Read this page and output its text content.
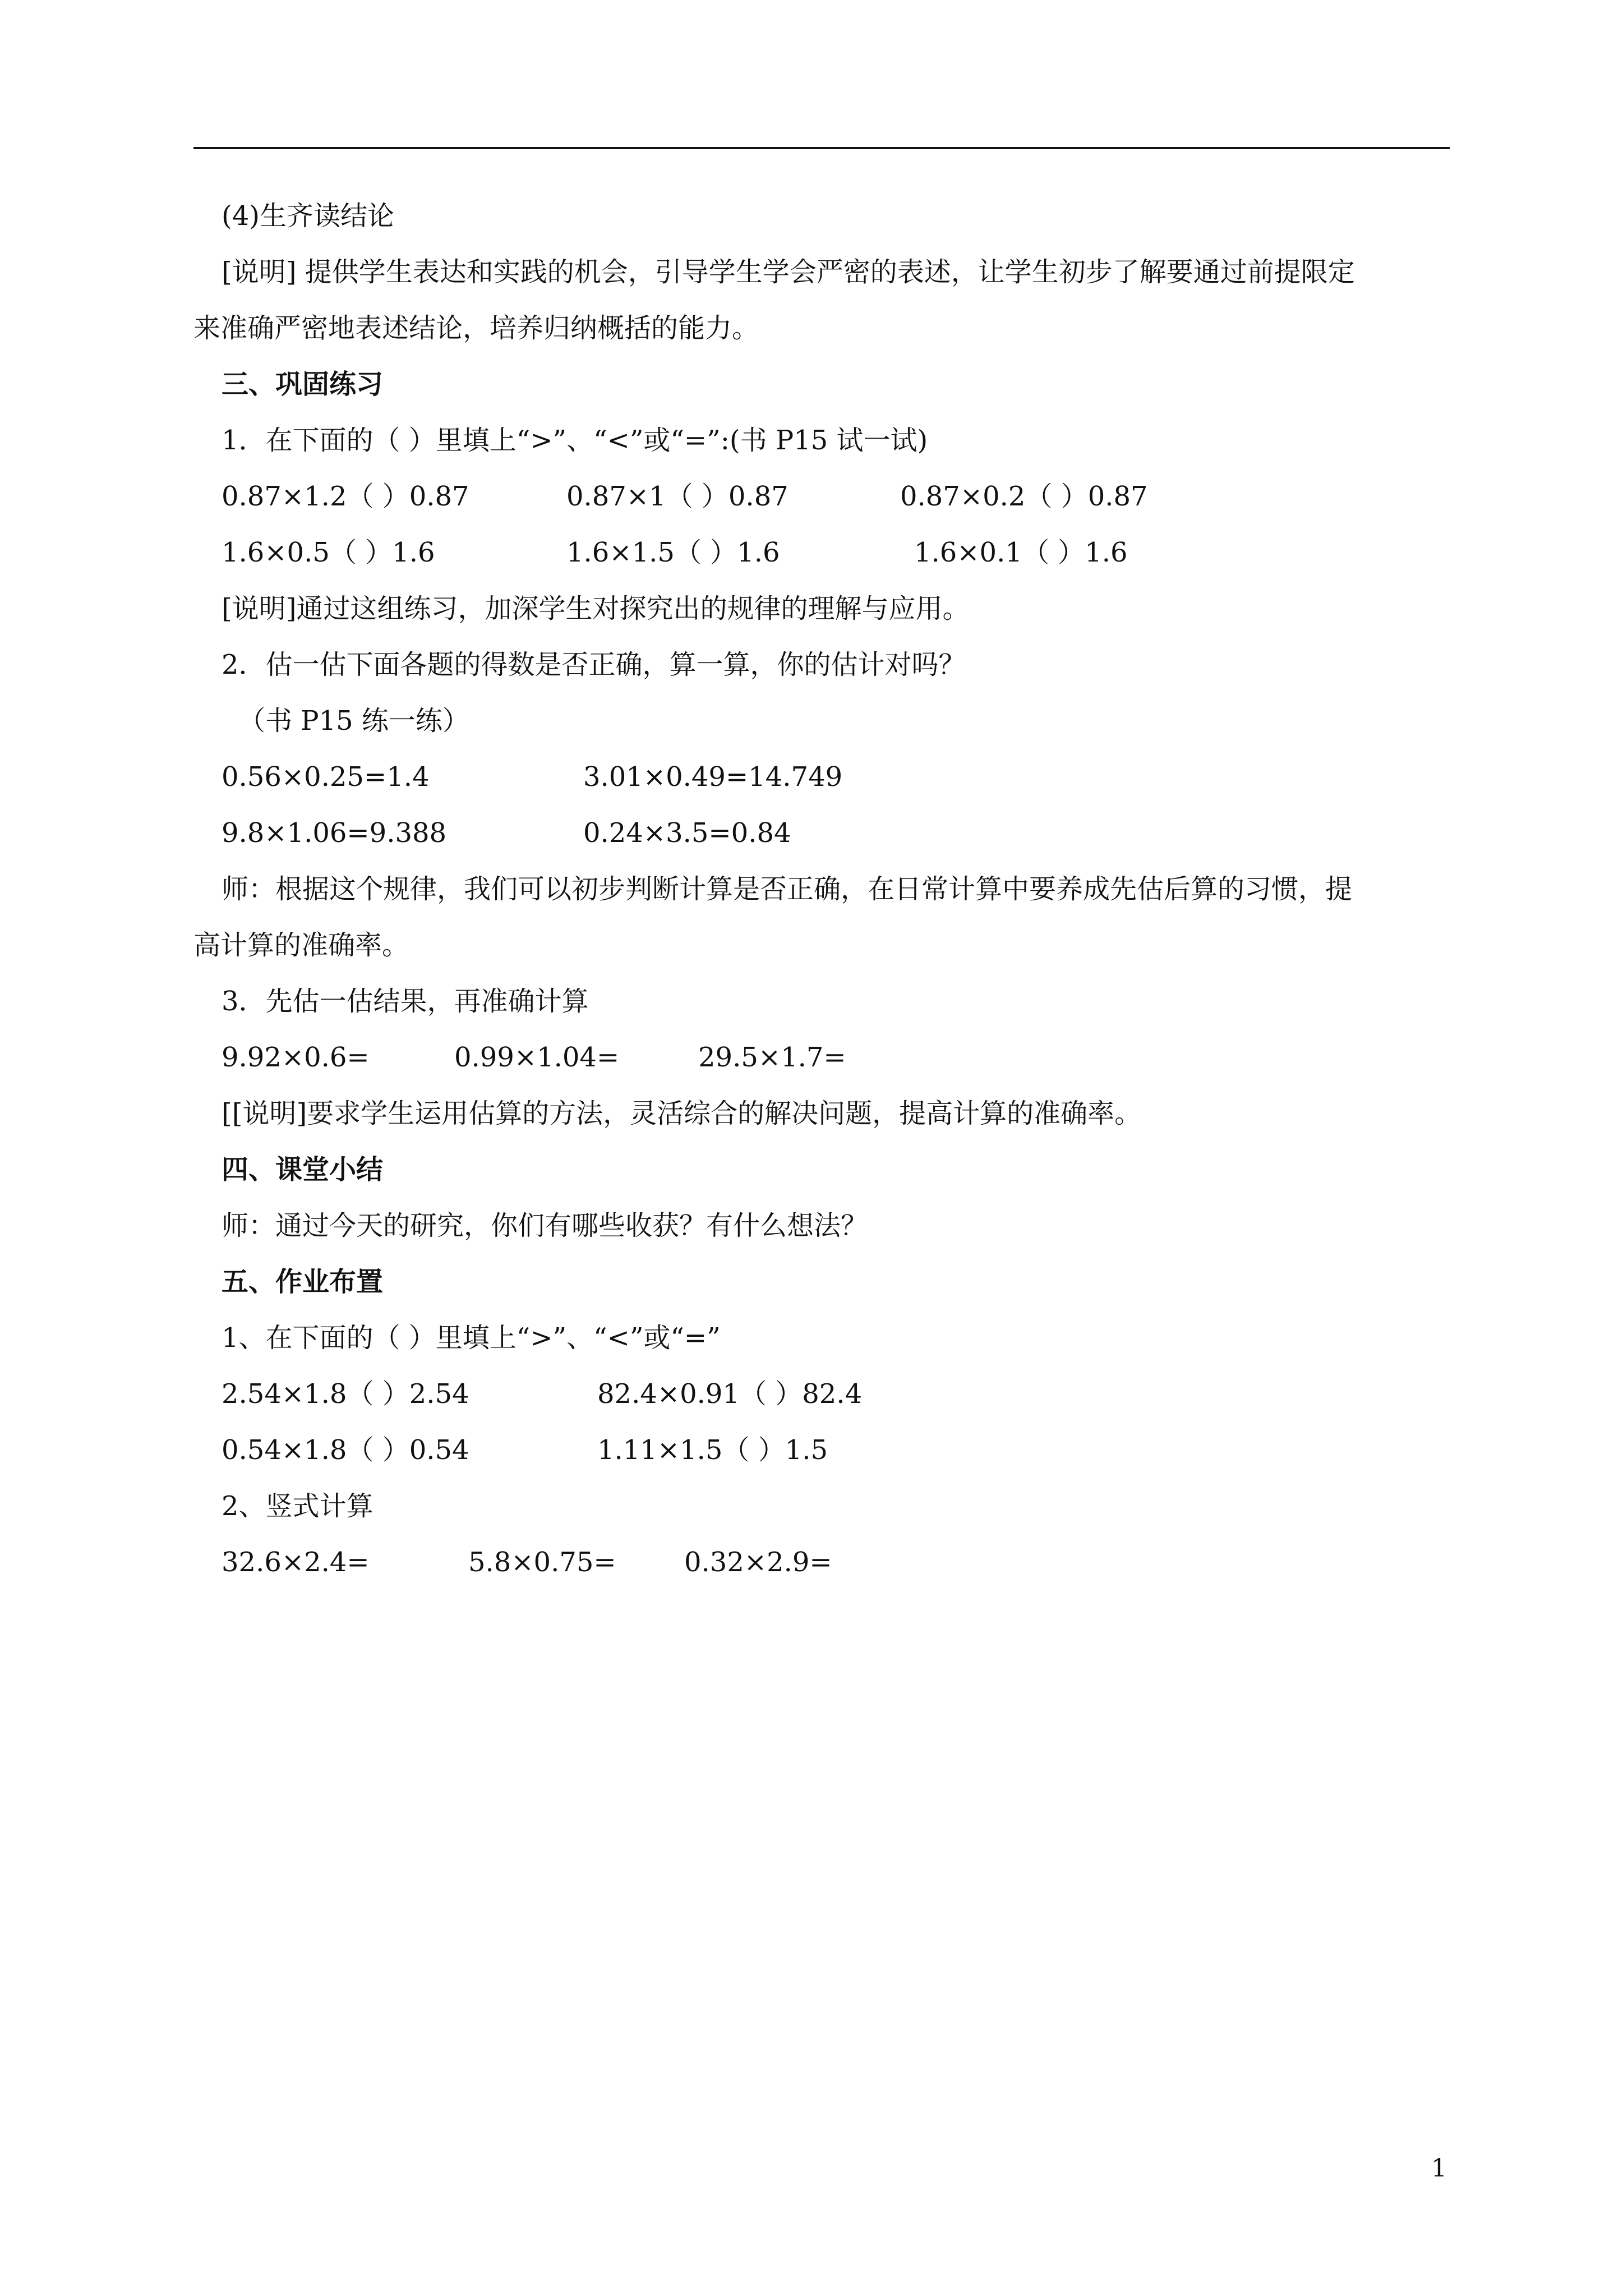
(4)生齐读结论
[说明] 提供学生表达和实践的机会，引导学生学会严密的表述，让学生初步了解要通过前提限定
来准确严密地表述结论，培养归纳概括的能力。
三、巩固练习
1．在下面的（ ）里填上“>”、“<”或“=”:(书 P15 试一试)
0.87×1.2（ ）0.87	0.87×1（ ）0.87	0.87×0.2（ ）0.87
1.6×0.5（ ）1.6	1.6×1.5（ ）1.6	1.6×0.1（ ）1.6
[说明]通过这组练习，加深学生对探究出的规律的理解与应用。
2．估一估下面各题的得数是否正确，算一算，你的估计对吗？
（书 P15 练一练）
0.56×0.25=1.4	3.01×0.49=14.749
9.8×1.06=9.388	0.24×3.5=0.84
师：根据这个规律，我们可以初步判断计算是否正确，在日常计算中要养成先估后算的习惯，提
高计算的准确率。
3．先估一估结果，再准确计算
9.92×0.6=	0.99×1.04=	29.5×1.7=
[[说明]要求学生运用估算的方法，灵活综合的解决问题，提高计算的准确率。
四、课堂小结
师：通过今天的研究，你们有哪些收获？有什么想法？
五、作业布置
1、在下面的（ ）里填上“>”、“<”或“=”
2.54×1.8（ ）2.54	82.4×0.91（ ）82.4
0.54×1.8（ ）0.54	1.11×1.5（ ）1.5
2、竖式计算
32.6×2.4=	5.8×0.75=	0.32×2.9=
1
